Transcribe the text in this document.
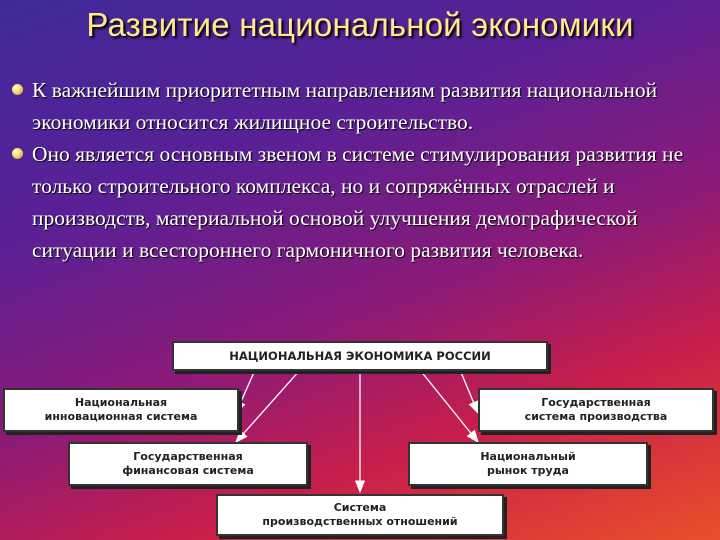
Развитие национальной экономики
К важнейшим приоритетным направлениям развития национальной экономики относится жилищное строительство.
Оно является основным звеном в системе стимулирования развития не только строительного комплекса, но и сопряжённых отраслей и производств, материальной основой улучшения демографической ситуации и всестороннего гармоничного развития человека.
НАЦИОНАЛЬНАЯ ЭКОНОМИКА РОССИИ
Национальная
инновационная система
Государственная
система производства
Государственная
финансовая система
Национальный
рынок труда
Система
производственных отношений
